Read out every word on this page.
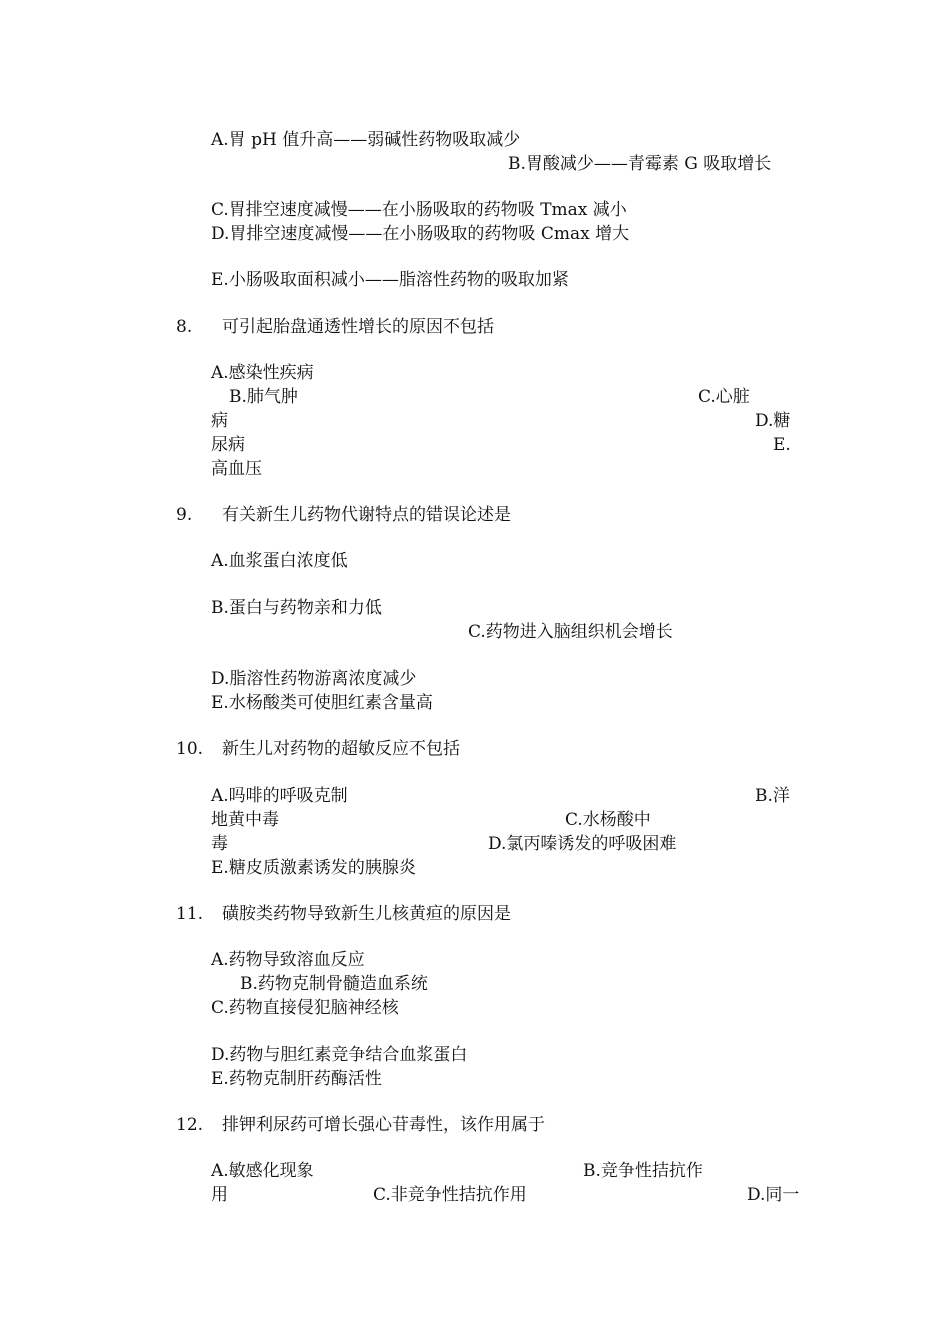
A.胃 pH 值升高——弱碱性药物吸取减少
B.胃酸减少——青霉素 G 吸取增长
C.胃排空速度减慢——在小肠吸取的药物吸 Tmax 减小
D.胃排空速度减慢——在小肠吸取的药物吸 Cmax 增大
E.小肠吸取面积减小——脂溶性药物的吸取加紧
8. 可引起胎盘通透性增长的原因不包括
A.感染性疾病
B.肺气肿	C.心脏
病	D.糖
尿病	E.
高血压
9. 有关新生儿药物代谢特点的错误论述是
A.血浆蛋白浓度低
B.蛋白与药物亲和力低
C.药物进入脑组织机会增长
D.脂溶性药物游离浓度减少
E.水杨酸类可使胆红素含量高
10. 新生儿对药物的超敏反应不包括
A.吗啡的呼吸克制	B.洋
地黄中毒	C.水杨酸中
毒	D.氯丙嗪诱发的呼吸困难
E.糖皮质激素诱发的胰腺炎
11. 磺胺类药物导致新生儿核黄疸的原因是
A.药物导致溶血反应
B.药物克制骨髓造血系统
C.药物直接侵犯脑神经核
D.药物与胆红素竞争结合血浆蛋白
E.药物克制肝药酶活性
12. 排钾利尿药可增长强心苷毒性，该作用属于
A.敏感化现象	B.竞争性拮抗作
用	C.非竞争性拮抗作用	D.同一
